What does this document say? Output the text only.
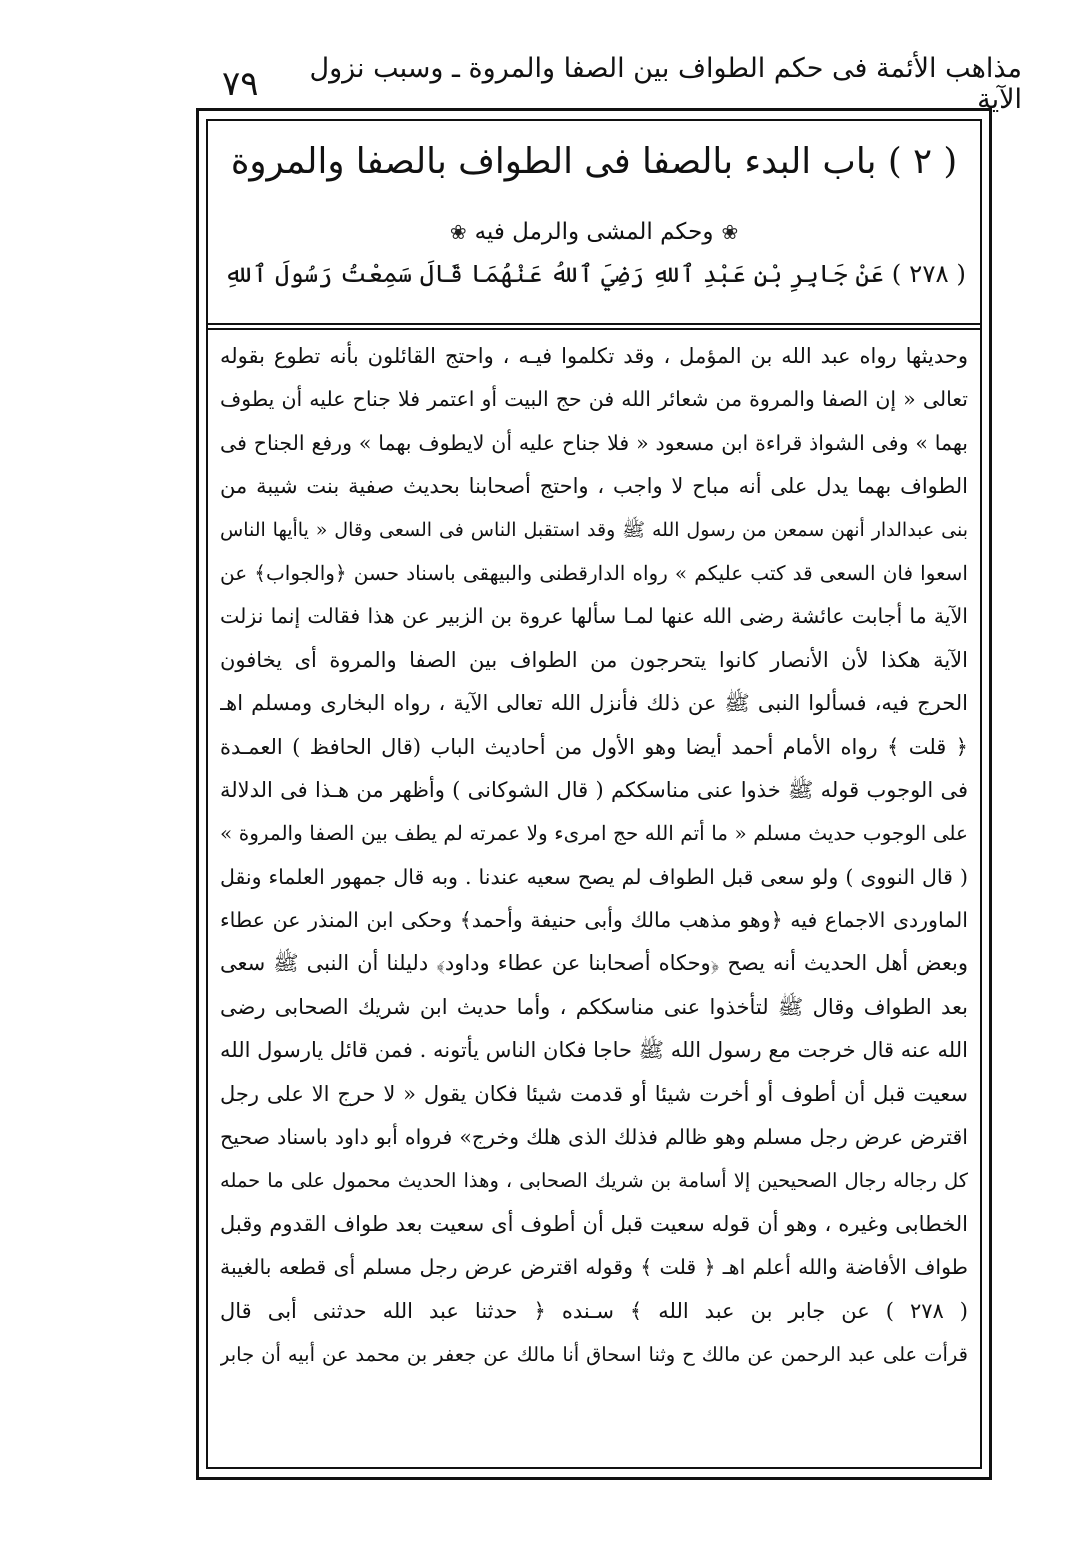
مذاهب الأئمة فى حكم الطواف بين الصفا والمروة ـ وسبب نزول الآية
٧٩
( ٢ ) باب البدء بالصفا فى الطواف بالصفا والمروة
❀
وحكم المشى والرمل فيه
❀
( ٢٧٨ ) عَنْ جَابِرِ بْنِ عَبْدِ ٱللهِ رَضِيَ ٱللهُ عَنْهُمَا قَالَ سَمِعْتُ رَسُولَ ٱللهِ
وحديثها رواه عبد الله بن المؤمل ، وقد تكلموا فيـه ، واحتج القائلون بأنه تطوع بقوله
تعالى « إن الصفا والمروة من شعائر الله فن حج البيت أو اعتمر فلا جناح عليه أن يطوف
بهما » وفى الشواذ قراءة ابن مسعود « فلا جناح عليه أن لايطوف بهما » ورفع الجناح فى
الطواف بهما يدل على أنه مباح لا واجب ، واحتج أصحابنا بحديث صفية بنت شيبة من
بنى عبدالدار أنهن سمعن من رسول الله ﷺ وقد استقبل الناس فى السعى وقال « ياأيها الناس
اسعوا فان السعى قد كتب عليكم » رواه الدارقطنى والبيهقى باسناد حسن ﴿والجواب﴾ عن
الآية ما أجابت عائشة رضى الله عنها لمـا سألها عروة بن الزبير عن هذا فقالت إنما نزلت
الآية هكذا لأن الأنصار كانوا يتحرجون من الطواف بين الصفا والمروة أى يخافون
الحرج فيه، فسألوا النبى ﷺ عن ذلك فأنزل الله تعالى الآية ، رواه البخارى ومسلم اهـ
﴿ قلت ﴾ رواه الأمام أحمد أيضا وهو الأول من أحاديث الباب (قال الحافظ ) العمـدة
فى الوجوب قوله ﷺ خذوا عنى مناسككم ( قال الشوكانى ) وأظهر من هـذا فى الدلالة
على الوجوب حديث مسلم « ما أتم الله حج امرىء ولا عمرته لم يطف بين الصفا والمروة »
( قال النووى ) ولو سعى قبل الطواف لم يصح سعيه عندنا . وبه قال جمهور العلماء ونقل
الماوردى الاجماع فيه ﴿وهو مذهب مالك وأبى حنيفة وأحمد﴾ وحكى ابن المنذر عن عطاء
وبعض أهل الحديث أنه يصح ﴿وحكاه أصحابنا عن عطاء وداود﴾ دليلنا أن النبى ﷺ سعى
بعد الطواف وقال ﷺ لتأخذوا عنى مناسككم ، وأما حديث ابن شريك الصحابى رضى
الله عنه قال خرجت مع رسول الله ﷺ حاجا فكان الناس يأتونه . فمن قائل يارسول الله
سعيت قبل أن أطوف أو أخرت شيئا أو قدمت شيئا فكان يقول « لا حرج الا على رجل
اقترض عرض رجل مسلم وهو ظالم فذلك الذى هلك وخرج» فرواه أبو داود باسناد صحيح
كل رجاله رجال الصحيحين إلا أسامة بن شريك الصحابى ، وهذا الحديث محمول على ما حمله
الخطابى وغيره ، وهو أن قوله سعيت قبل أن أطوف أى سعيت بعد طواف القدوم وقبل
طواف الأفاضة والله أعلم اهـ ﴿ قلت ﴾ وقوله اقترض عرض رجل مسلم أى قطعه بالغيبة
( ٢٧٨ ) عن جابر بن عبد الله ﴾ سـنده ﴿ حدثنا عبد الله حدثنى أبى قال
قرأت على عبد الرحمن عن مالك ح وثنا اسحاق أنا مالك عن جعفر بن محمد عن أبيه أن جابر
